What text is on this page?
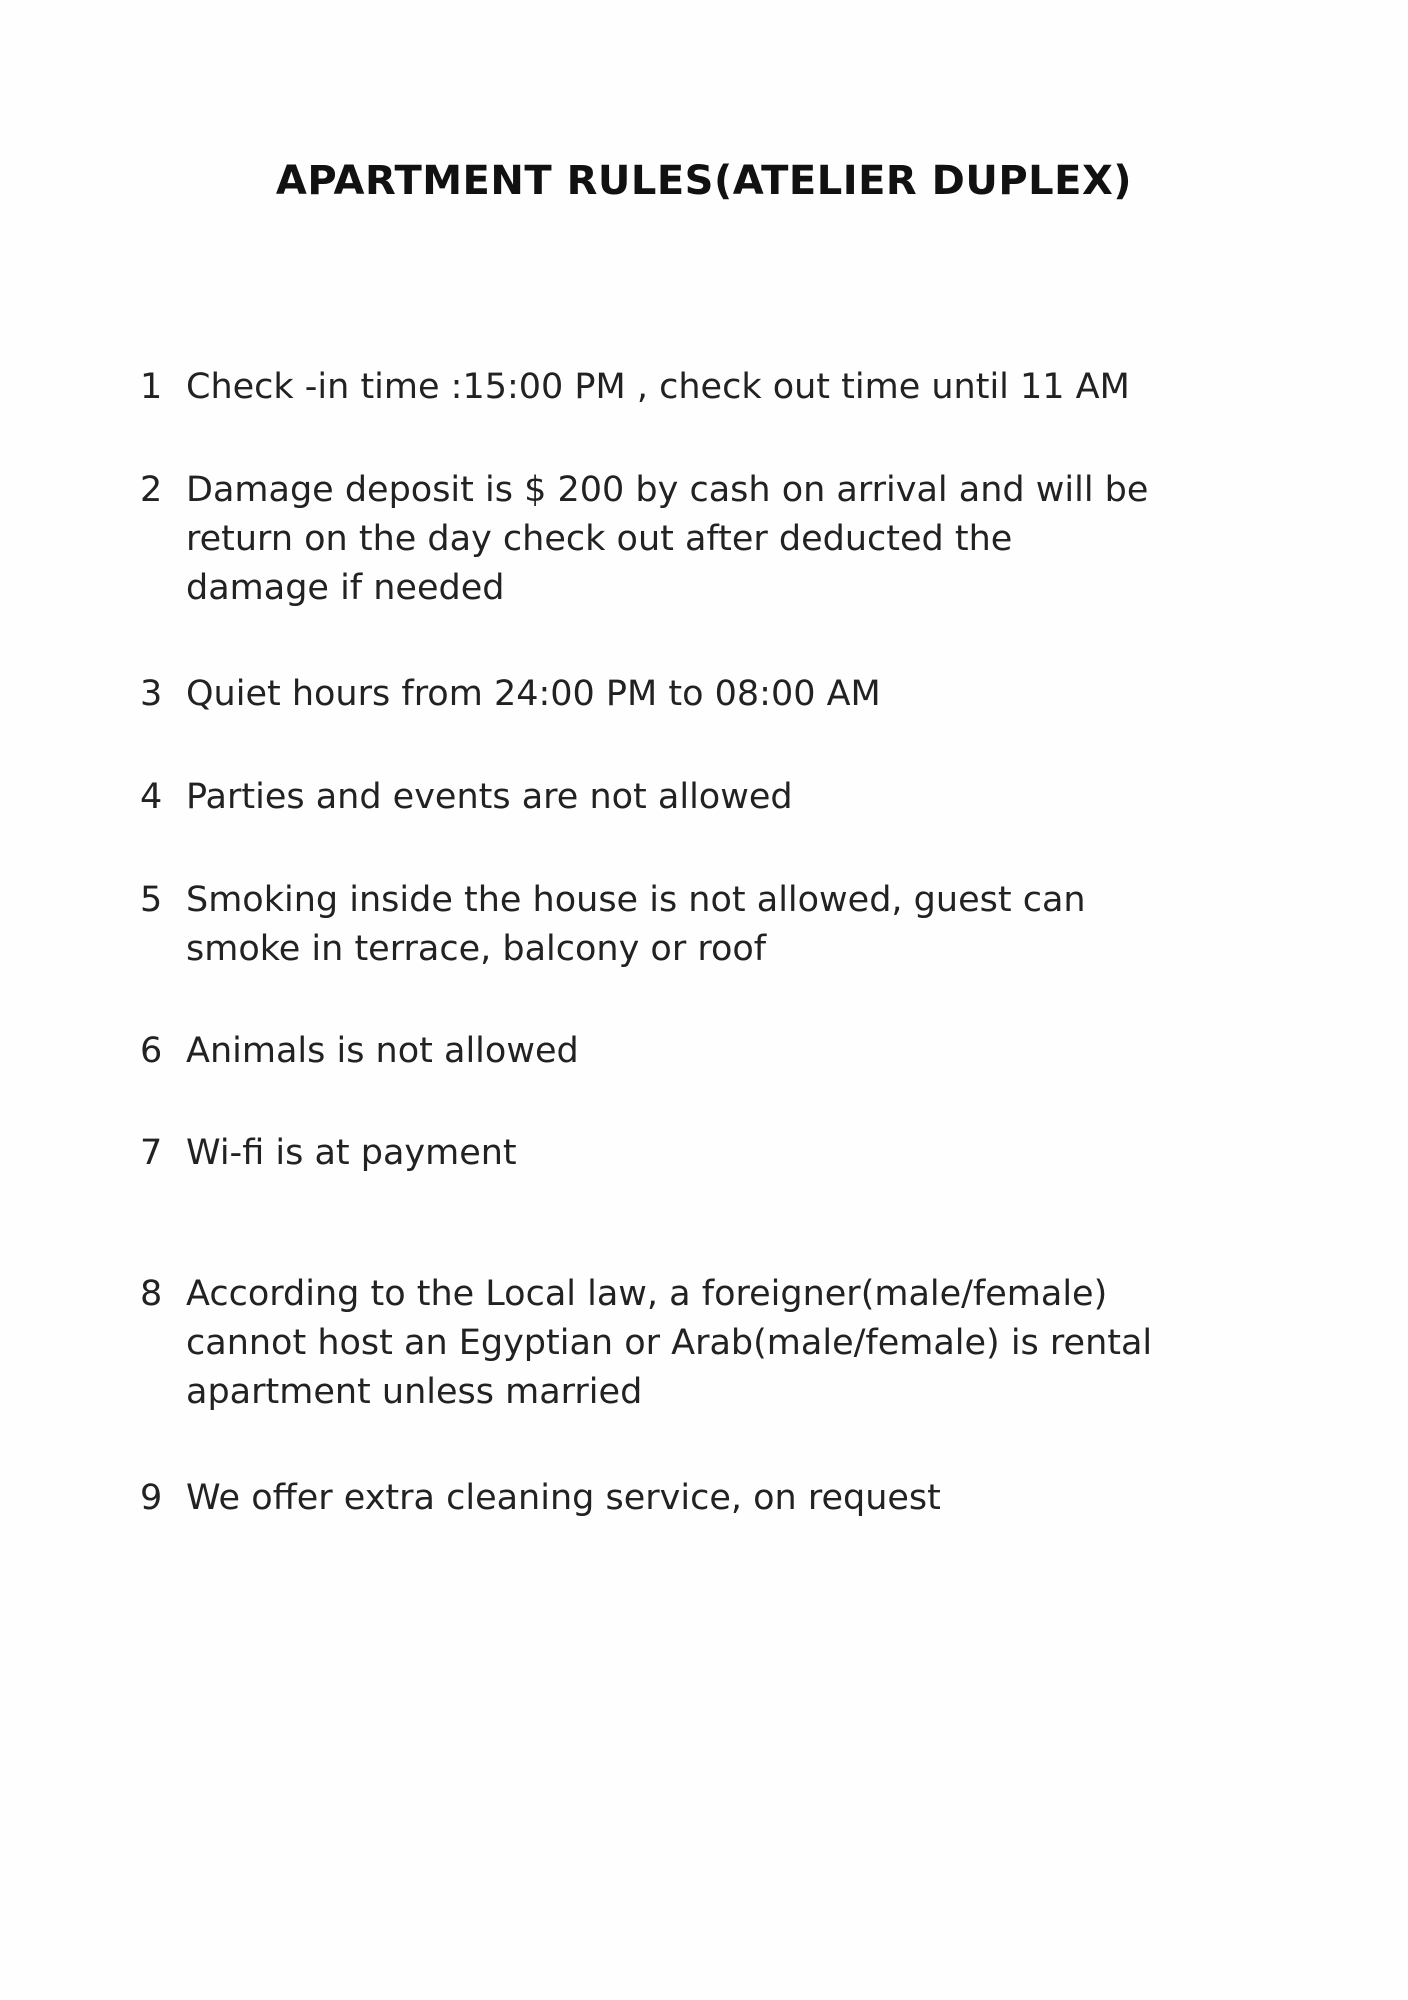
APARTMENT RULES(ATELIER DUPLEX)
1 Check -in time :15:00 PM , check out time until 11 AM
2 Damage deposit is $ 200 by cash on arrival and will be
return on the day check out after deducted the
damage if needed
3 Quiet hours from 24:00 PM to 08:00 AM
4 Parties and events are not allowed
5 Smoking inside the house is not allowed, guest can
smoke in terrace, balcony or roof
6 Animals is not allowed
7 Wi-fi is at payment
8 According to the Local law, a foreigner(male/female)
cannot host an Egyptian or Arab(male/female) is rental
apartment unless married
9 We offer extra cleaning service, on request
